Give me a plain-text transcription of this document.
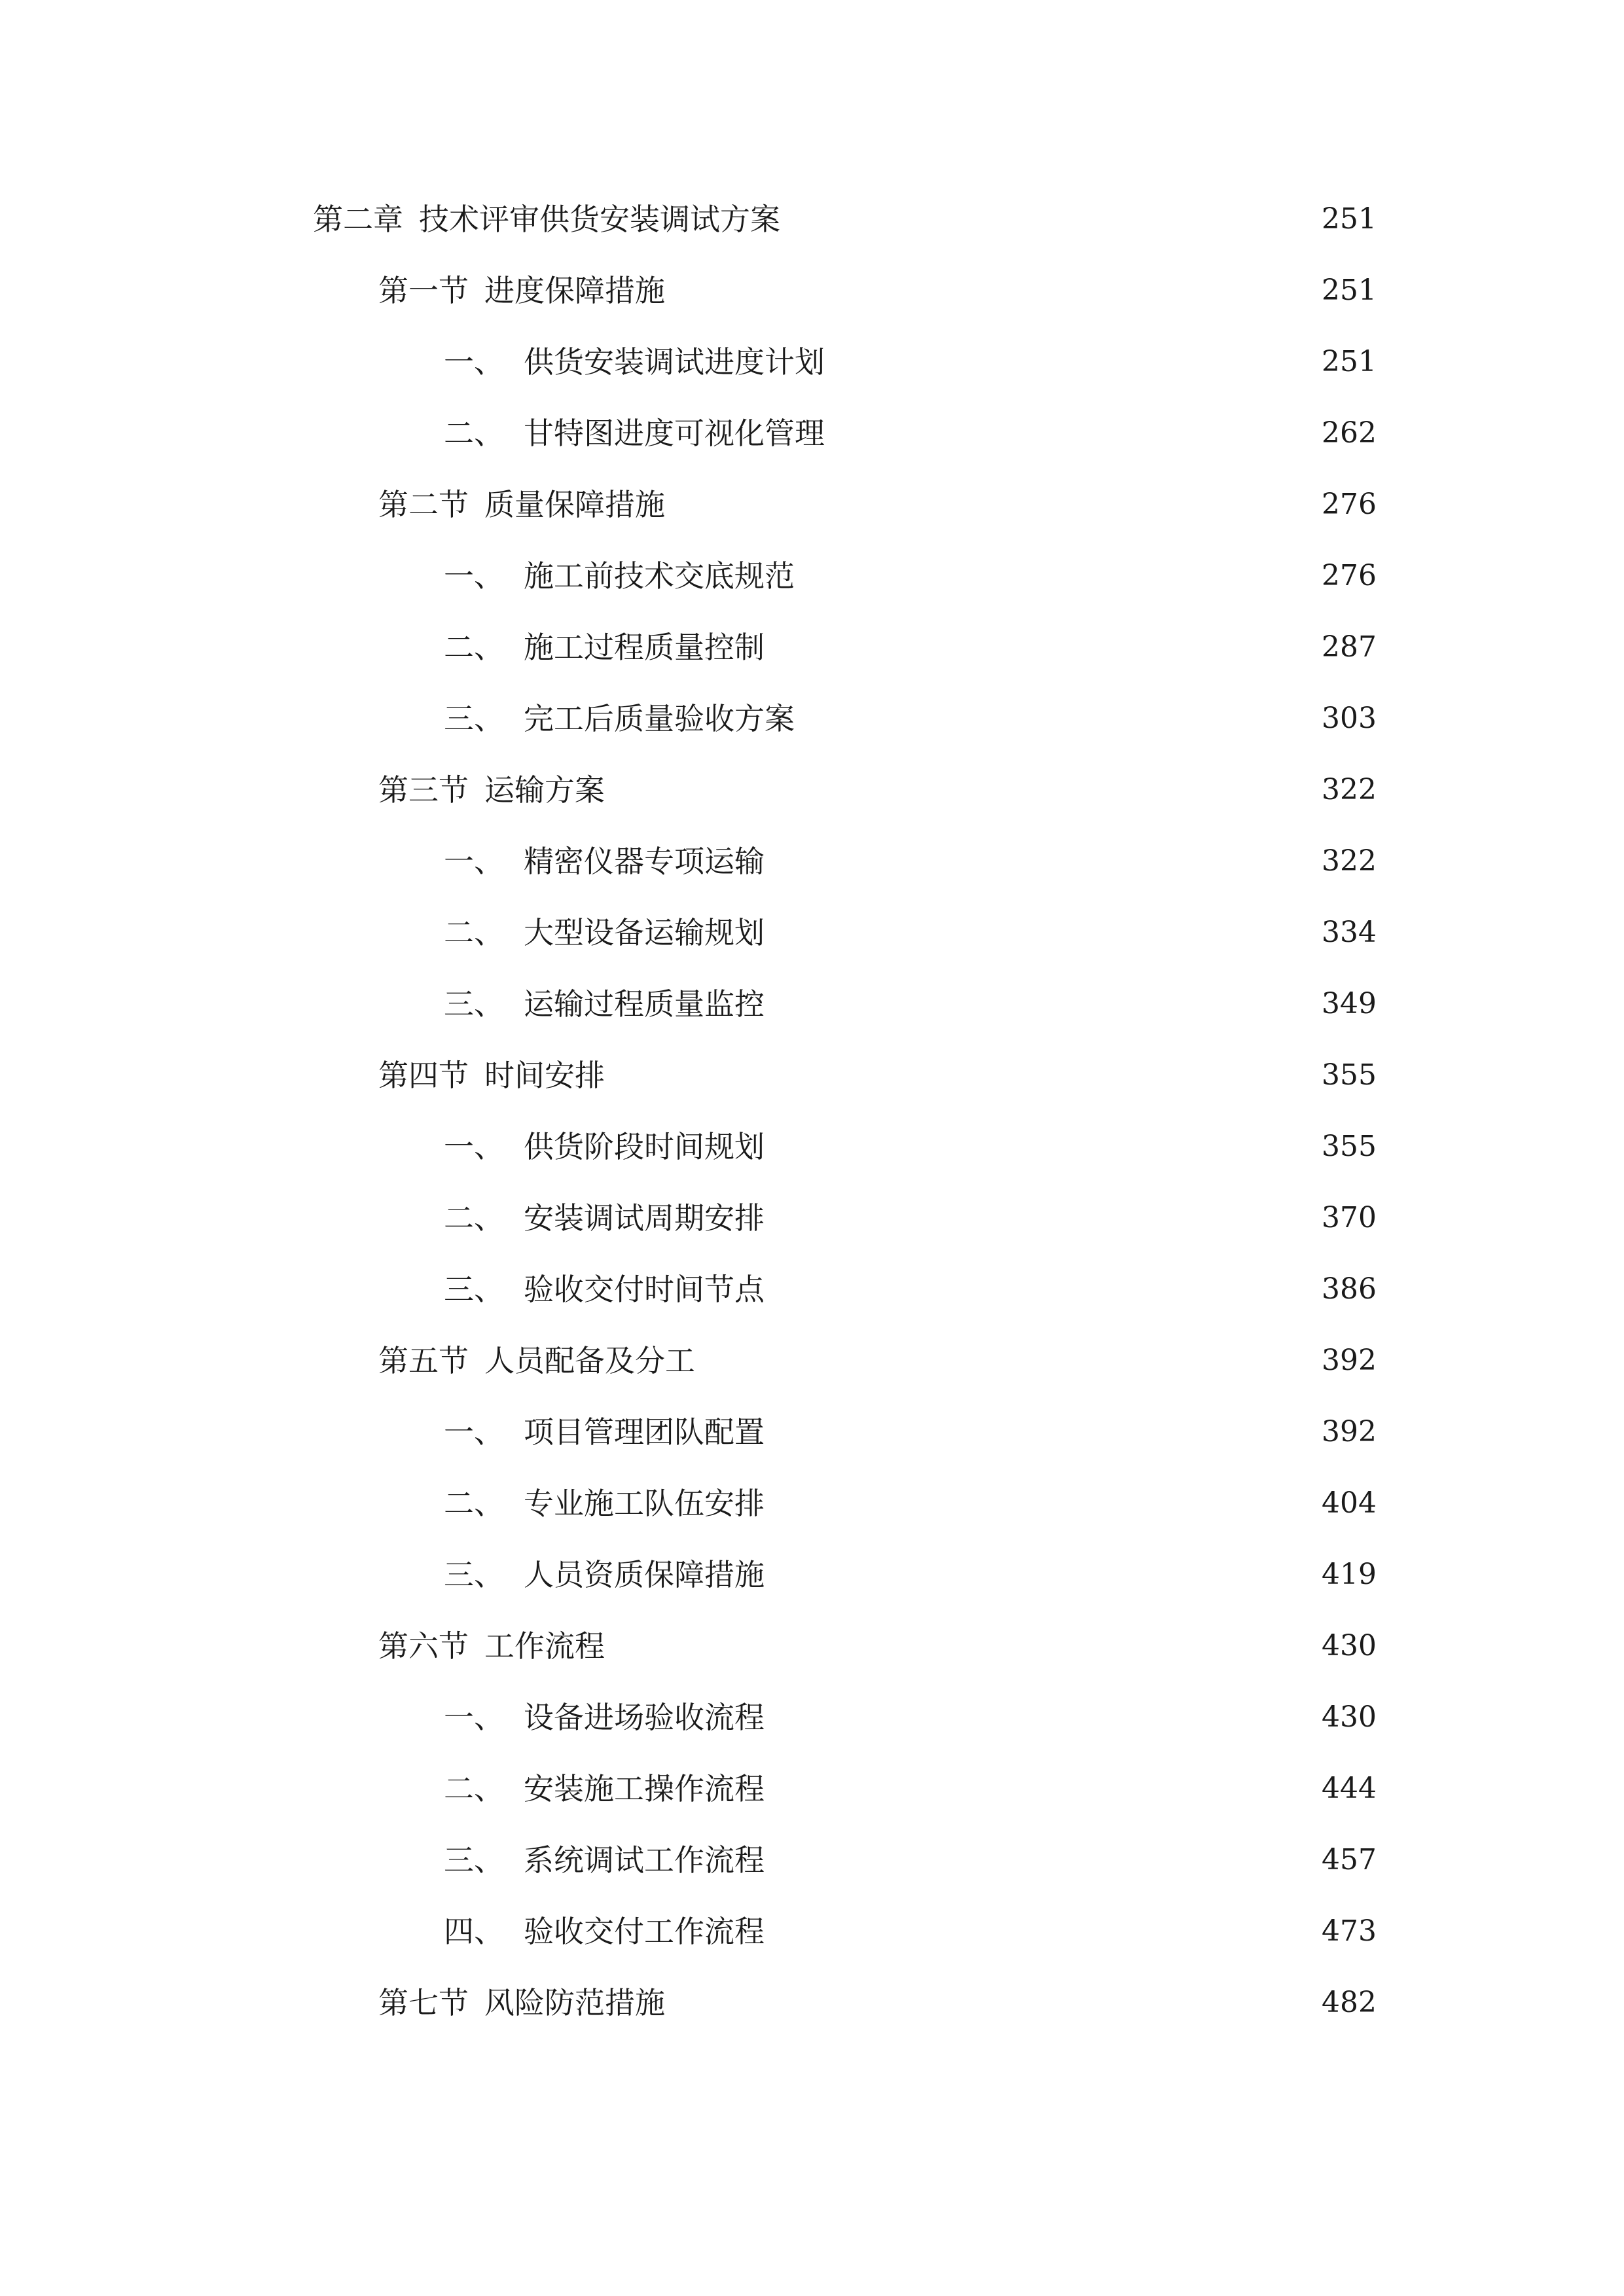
第二章 技术评审供货安装调试方案	251
第一节 进度保障措施	251
一、 供货安装调试进度计划	251
二、 甘特图进度可视化管理	262
第二节 质量保障措施	276
一、 施工前技术交底规范	276
二、 施工过程质量控制	287
三、 完工后质量验收方案	303
第三节 运输方案	322
一、 精密仪器专项运输	322
二、 大型设备运输规划	334
三、 运输过程质量监控	349
第四节 时间安排	355
一、 供货阶段时间规划	355
二、 安装调试周期安排	370
三、 验收交付时间节点	386
第五节 人员配备及分工	392
一、 项目管理团队配置	392
二、 专业施工队伍安排	404
三、 人员资质保障措施	419
第六节 工作流程	430
一、 设备进场验收流程	430
二、 安装施工操作流程	444
三、 系统调试工作流程	457
四、 验收交付工作流程	473
第七节 风险防范措施	482
